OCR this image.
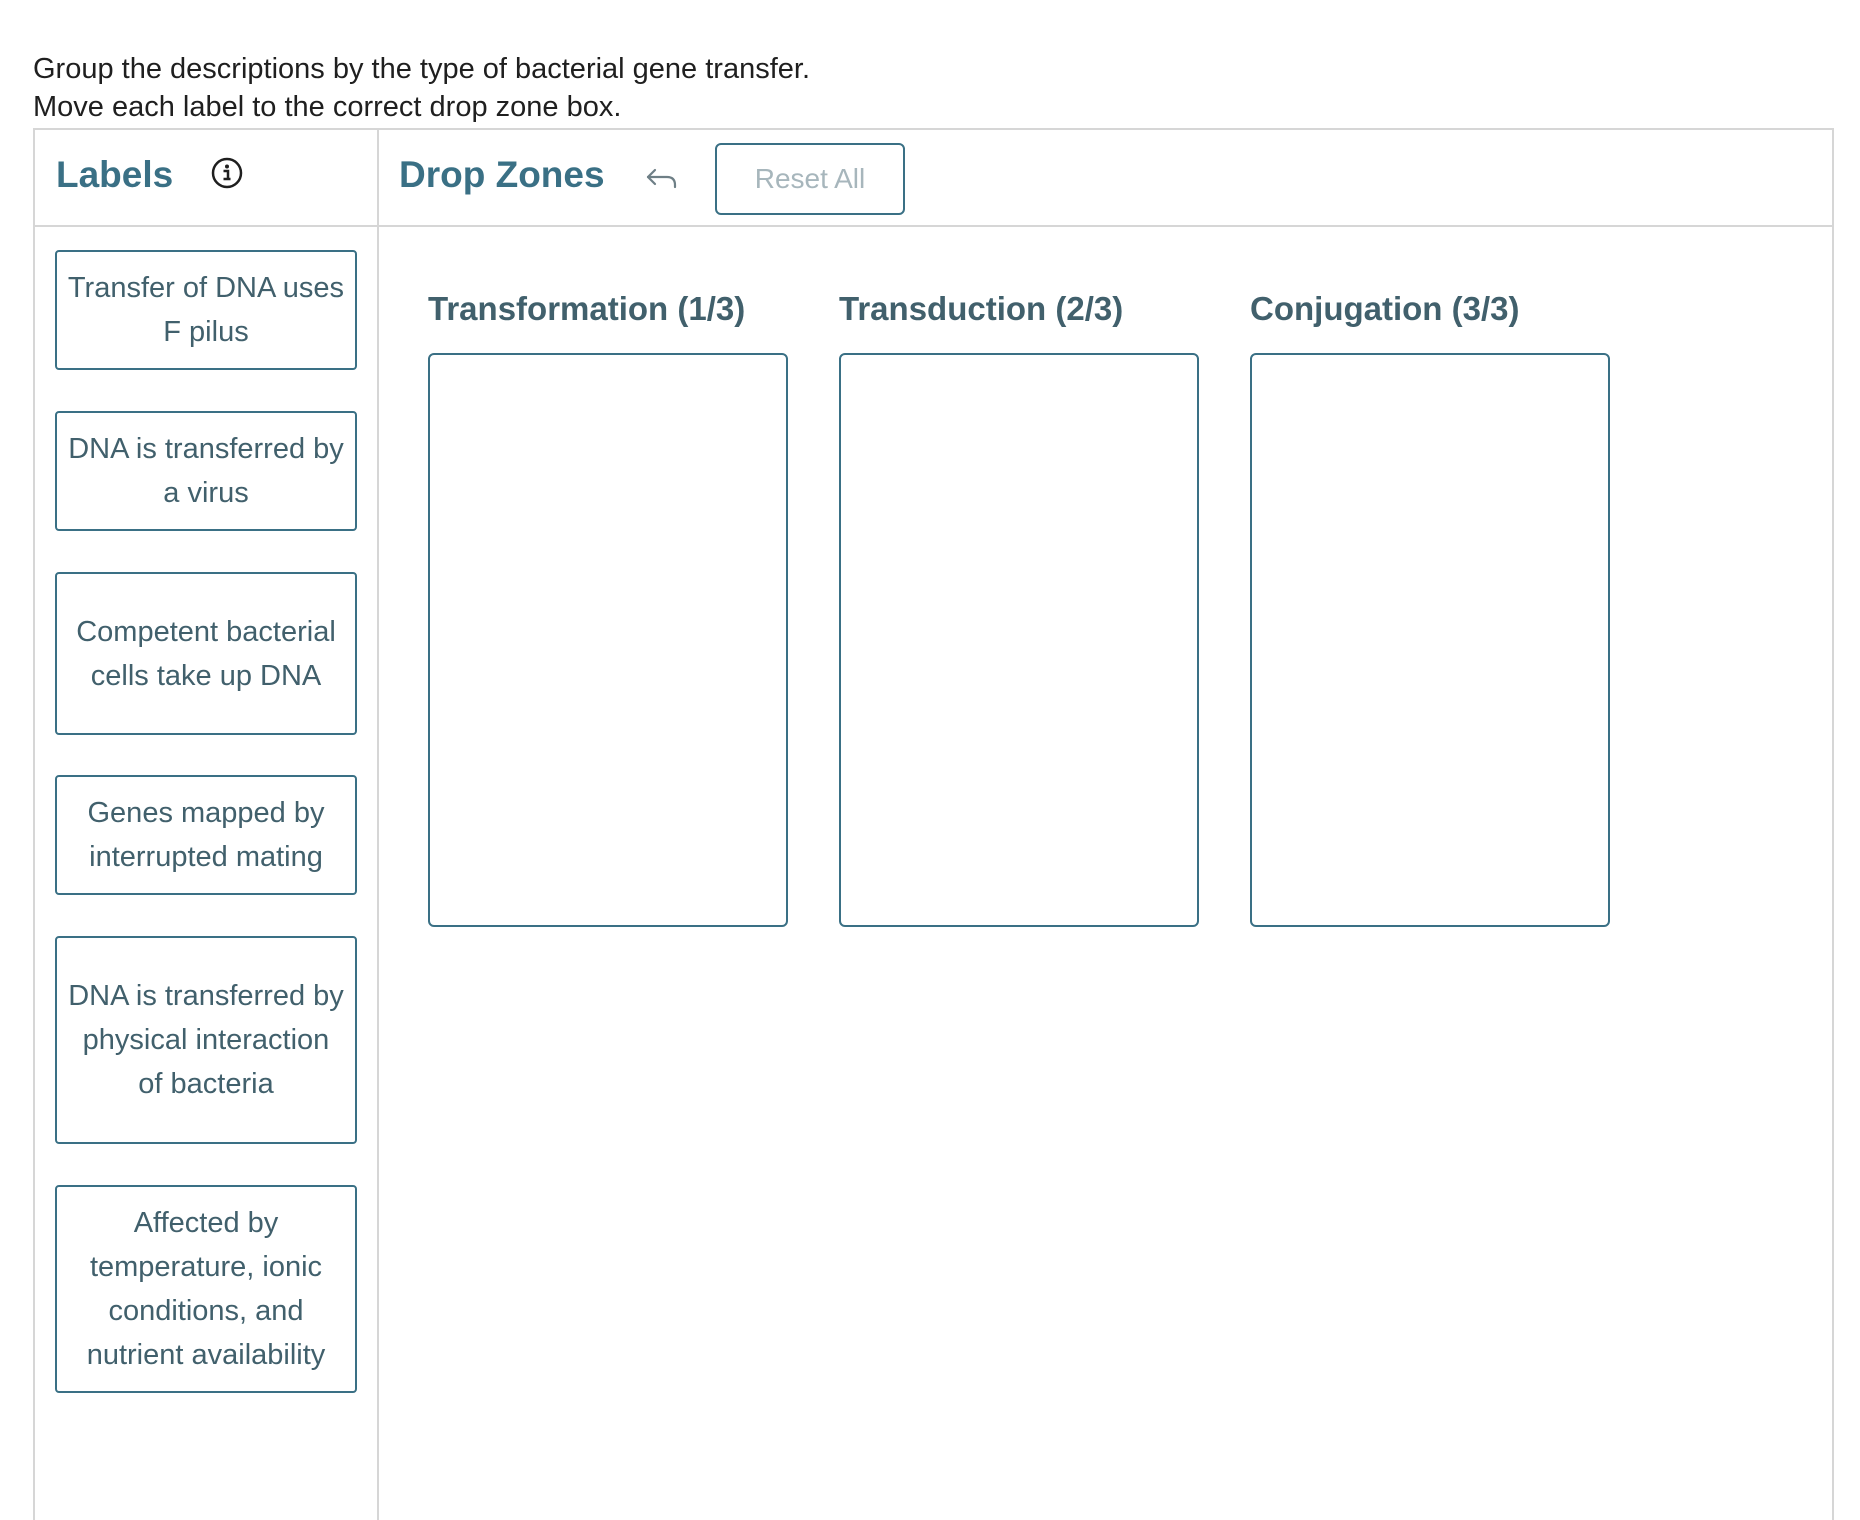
Group the descriptions by the type of bacterial gene transfer.
Move each label to the correct drop zone box.
Labels	Drop Zones	Reset All
Transfer of DNA uses F pilus
DNA is transferred by a virus
Competent bacterial cells take up DNA
Genes mapped by interrupted mating
DNA is transferred by physical interaction of bacteria
Affected by temperature, ionic conditions, and nutrient availability
Transformation (1/3)	Transduction (2/3)	Conjugation (3/3)
